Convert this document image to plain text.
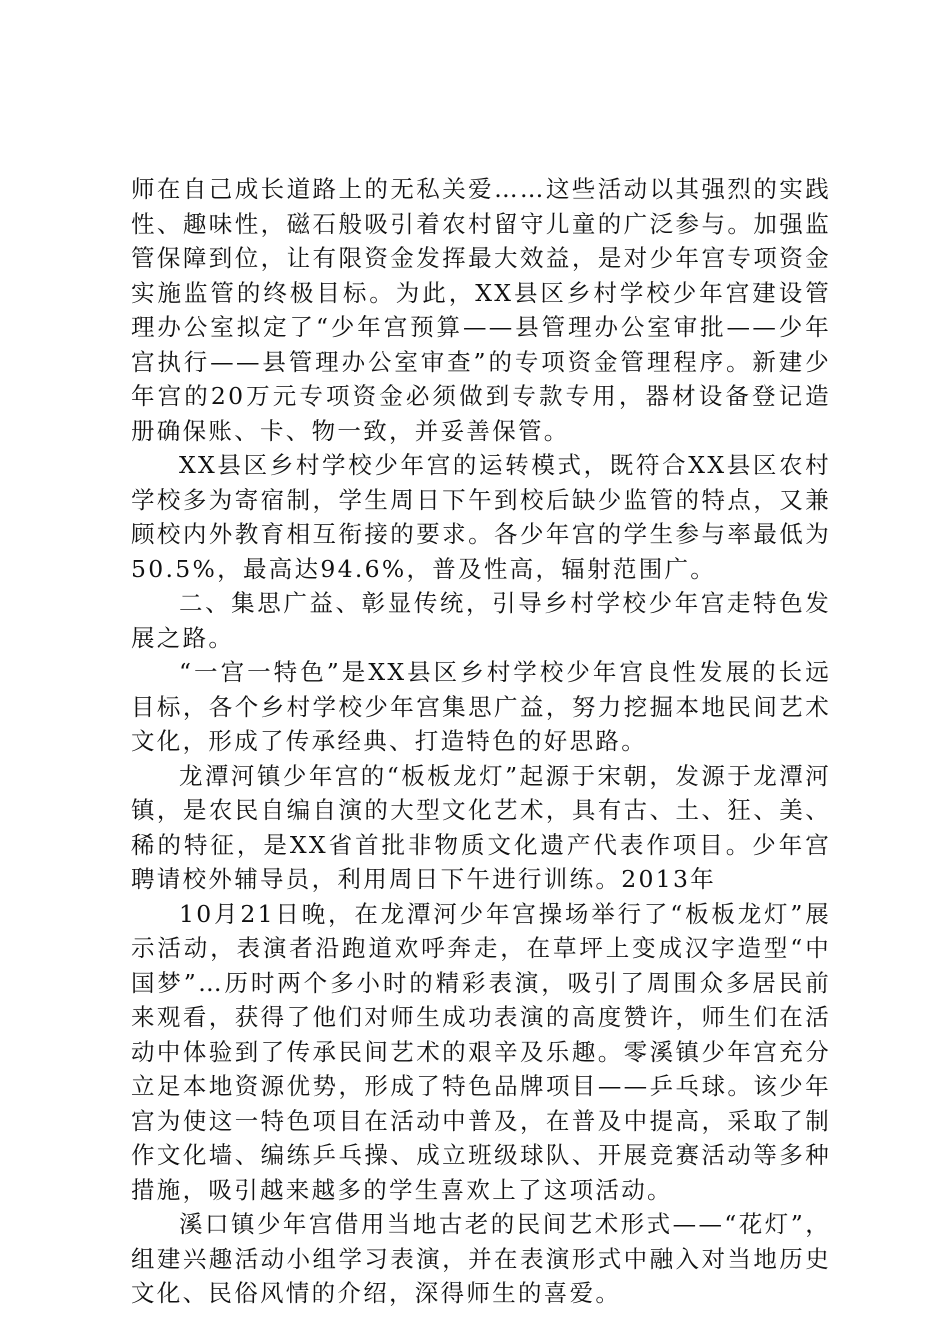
师在自己成长道路上的无私关爱……这些活动以其强烈的实践性、趣味性，磁石般吸引着农村留守儿童的广泛参与。加强监管保障到位，让有限资金发挥最大效益，是对少年宫专项资金实施监管的终极目标。为此，XX县区乡村学校少年宫建设管理办公室拟定了“少年宫预算——县管理办公室审批——少年宫执行——县管理办公室审查”的专项资金管理程序。新建少年宫的20万元专项资金必须做到专款专用，器材设备登记造册确保账、卡、物一致，并妥善保管。

XX县区乡村学校少年宫的运转模式，既符合XX县区农村学校多为寄宿制，学生周日下午到校后缺少监管的特点，又兼顾校内外教育相互衔接的要求。各少年宫的学生参与率最低为50.5%，最高达94.6%，普及性高，辐射范围广。

二、集思广益、彰显传统，引导乡村学校少年宫走特色发展之路。

“一宫一特色”是XX县区乡村学校少年宫良性发展的长远目标，各个乡村学校少年宫集思广益，努力挖掘本地民间艺术文化，形成了传承经典、打造特色的好思路。

龙潭河镇少年宫的“板板龙灯”起源于宋朝，发源于龙潭河镇，是农民自编自演的大型文化艺术，具有古、土、狂、美、稀的特征，是XX省首批非物质文化遗产代表作项目。少年宫聘请校外辅导员，利用周日下午进行训练。2013年

10月21日晚，在龙潭河少年宫操场举行了“板板龙灯”展示活动，表演者沿跑道欢呼奔走，在草坪上变成汉字造型“中国梦”…历时两个多小时的精彩表演，吸引了周围众多居民前来观看，获得了他们对师生成功表演的高度赞许，师生们在活动中体验到了传承民间艺术的艰辛及乐趣。零溪镇少年宫充分立足本地资源优势，形成了特色品牌项目——乒乓球。该少年宫为使这一特色项目在活动中普及，在普及中提高，采取了制作文化墙、编练乒乓操、成立班级球队、开展竞赛活动等多种措施，吸引越来越多的学生喜欢上了这项活动。

溪口镇少年宫借用当地古老的民间艺术形式——“花灯”，组建兴趣活动小组学习表演，并在表演形式中融入对当地历史文化、民俗风情的介绍，深得师生的喜爱。
